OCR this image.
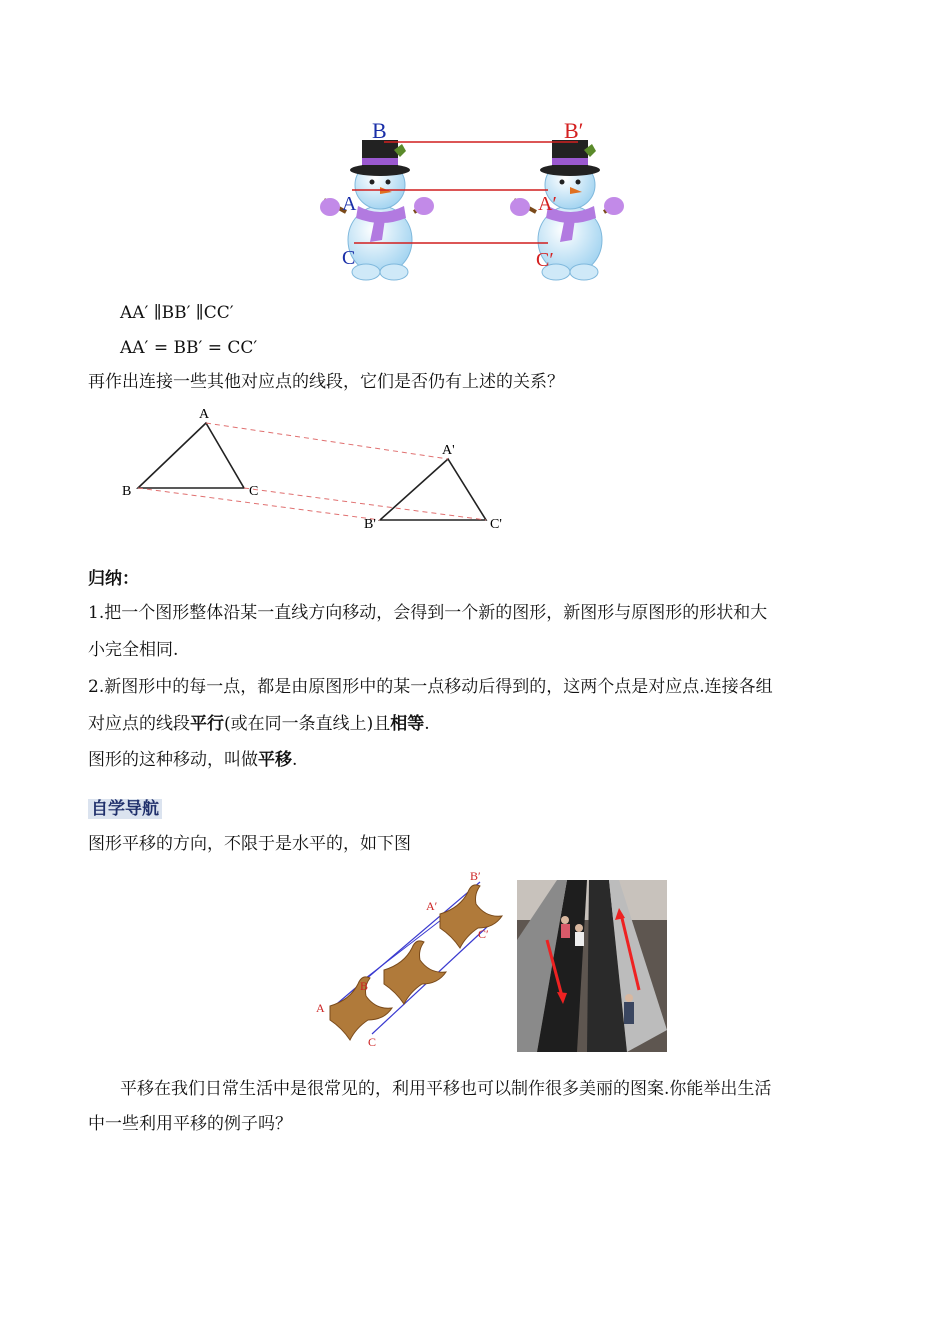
B	B′
A	A′
C	C′
AA′ ∥BB′ ∥CC′
AA′ = BB′ = CC′
再作出连接一些其他对应点的线段，它们是否仍有上述的关系？
A
B	C
A'
B'	C'
归纳：
1.把一个图形整体沿某一直线方向移动，会得到一个新的图形，新图形与原图形的形状和大
小完全相同.
2.新图形中的每一点，都是由原图形中的某一点移动后得到的，这两个点是对应点.连接各组
对应点的线段平行(或在同一条直线上)且相等.
图形的这种移动，叫做平移.
自学导航
图形平移的方向，不限于是水平的，如下图
A
B
C
A′
B′
C′
平移在我们日常生活中是很常见的，利用平移也可以制作很多美丽的图案.你能举出生活
中一些利用平移的例子吗？
